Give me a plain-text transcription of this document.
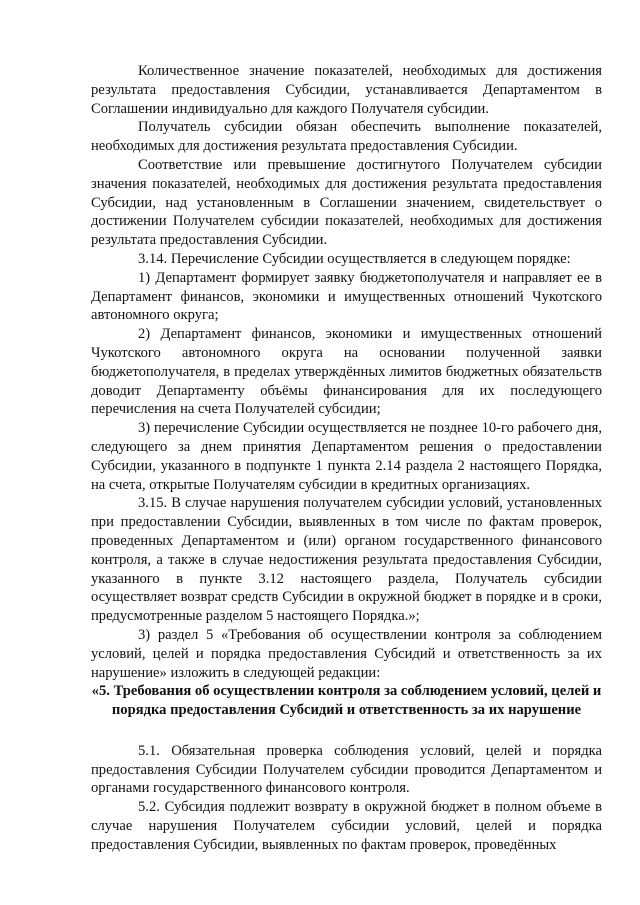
Количественное значение показателей, необходимых для достижения результата предоставления Субсидии, устанавливается Департаментом в Соглашении индивидуально для каждого Получателя субсидии.

Получатель субсидии обязан обеспечить выполнение показателей, необходимых для достижения результата предоставления Субсидии.

Соответствие или превышение достигнутого Получателем субсидии значения показателей, необходимых для достижения результата предоставления Субсидии, над установленным в Соглашении значением, свидетельствует о достижении Получателем субсидии показателей, необходимых для достижения результата предоставления Субсидии.

3.14. Перечисление Субсидии осуществляется в следующем порядке:

1) Департамент формирует заявку бюджетополучателя и направляет ее в Департамент финансов, экономики и имущественных отношений Чукотского автономного округа;

2) Департамент финансов, экономики и имущественных отношений Чукотского автономного округа на основании полученной заявки бюджетополучателя, в пределах утверждённых лимитов бюджетных обязательств доводит Департаменту объёмы финансирования для их последующего перечисления на счета Получателей субсидии;

3) перечисление Субсидии осуществляется не позднее 10-го рабочего дня, следующего за днем принятия Департаментом решения о предоставлении Субсидии, указанного в подпункте 1 пункта 2.14 раздела 2 настоящего Порядка, на счета, открытые Получателям субсидии в кредитных организациях.

3.15. В случае нарушения получателем субсидии условий, установленных при предоставлении Субсидии, выявленных в том числе по фактам проверок, проведенных Департаментом и (или) органом государственного финансового контроля, а также в случае недостижения результата предоставления Субсидии, указанного в пункте 3.12 настоящего раздела, Получатель субсидии осуществляет возврат средств Субсидии в окружной бюджет в порядке и в сроки, предусмотренные разделом 5 настоящего Порядка.»;

3) раздел 5 «Требования об осуществлении контроля за соблюдением условий, целей и порядка предоставления Субсидий и ответственность за их нарушение» изложить в следующей редакции:

«5. Требования об осуществлении контроля за соблюдением условий, целей и порядка предоставления Субсидий и ответственность за их нарушение

5.1. Обязательная проверка соблюдения условий, целей и порядка предоставления Субсидии Получателем субсидии проводится Департаментом и органами государственного финансового контроля.

5.2. Субсидия подлежит возврату в окружной бюджет в полном объеме в случае нарушения Получателем субсидии условий, целей и порядка предоставления Субсидии, выявленных по фактам проверок, проведённых
